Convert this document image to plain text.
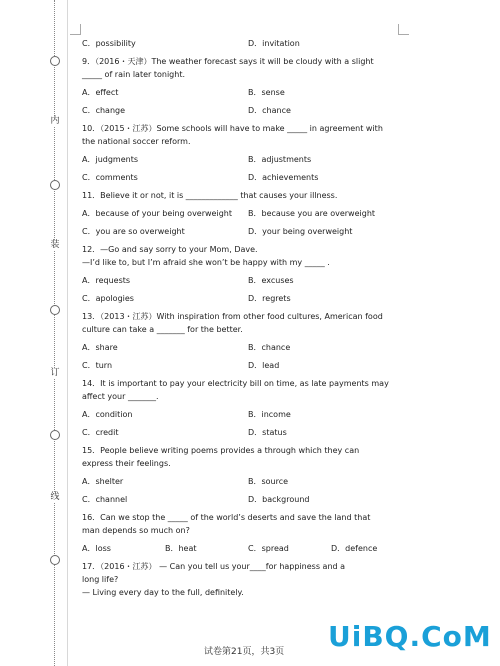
内
装
订
线
C．possibility	D．invitation
9．（2016・天津）The weather forecast says it will be cloudy with a slight
_____ of rain later tonight.
A．effect	B．sense
C．change	D．chance
10．（2015・江苏）Some schools will have to make _____ in agreement with
the national soccer reform.
A．judgments	B．adjustments
C．comments	D．achievements
11．Believe it or not, it is _____________ that causes your illness.
A．because of your being overweight	B．because you are overweight
C．you are so overweight	D．your being overweight
12．—Go and say sorry to your Mom, Dave.
—I’d like to, but I’m afraid she won’t be happy with my _____ .
A．requests	B．excuses
C．apologies	D．regrets
13．（2013・江苏）With inspiration from other food cultures, American food
culture can take a _______ for the better.
A．share	B．chance
C．turn	D．lead
14．It is important to pay your electricity bill on time, as late payments may
affect your _______.
A．condition	B．income
C．credit	D．status
15．People believe writing poems provides a through which they can
express their feelings.
A．shelter	B．source
C．channel	D．background
16．Can we stop the _____ of the world’s deserts and save the land that
man depends so much on?
A．loss	B．heat	C．spread	D．defence
17．（2016・江苏） — Can you tell us your____for happiness and a
long life?
— Living every day to the full, definitely.
试卷第21页，共3页 UiBQ.CoM
